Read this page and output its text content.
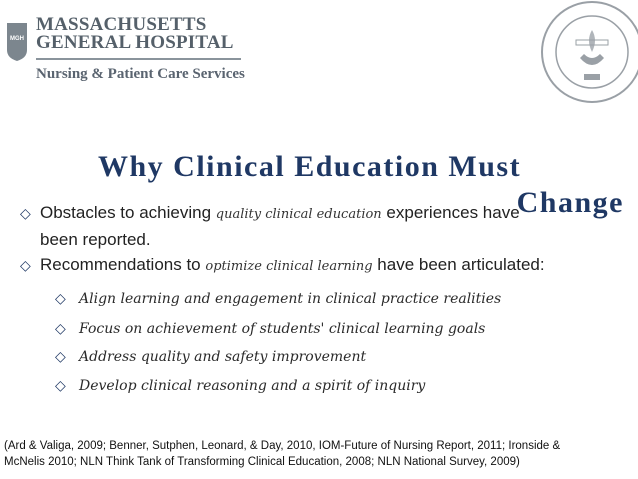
MGH
MASSACHUSETTS
GENERAL HOSPITAL
Nursing & Patient Care Services
Why Clinical Education Must
Change
◇ Obstacles to achieving quality clinical education experiences have
been reported.
◇ Recommendations to optimize clinical learning have been articulated:
◇ Align learning and engagement in clinical practice realities
◇ Focus on achievement of students' clinical learning goals
◇ Address quality and safety improvement
◇ Develop clinical reasoning and a spirit of inquiry
(Ard & Valiga, 2009; Benner, Sutphen, Leonard, & Day, 2010, IOM-Future of Nursing Report, 2011; Ironside &
McNelis 2010; NLN Think Tank of Transforming Clinical Education, 2008; NLN National Survey, 2009)
